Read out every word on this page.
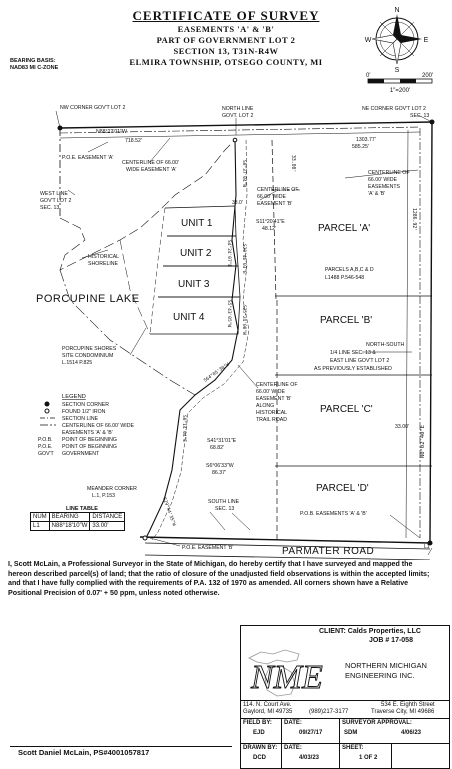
CERTIFICATE OF SURVEY
EASEMENTS 'A' & 'B'
PART OF GOVERNMENT LOT 2
SECTION 13, T31N-R4W
ELMIRA TOWNSHIP, OTSEGO COUNTY, MI
BEARING BASIS:
NAD83 MI C-ZONE
N
S
W	E
0'	200'
1"=200'
NW CORNER GOV'T LOT 2	NE CORNER GOV'T LOT 2
SEC. 13
NORTH LINE
GOVT. LOT 2
N88°22'01"W
718.52'	1303.77'
585.25'
33.00'
P.O.E. EASEMENT 'A'
CENTERLINE OF 66.00'
WIDE EASEMENT 'A'
WEST LINE
GOV'T LOT 2
SEC. 13
CENTERLINE OF
66.00' WIDE
EASEMENT 'B'
CENTERLINE OF
66.00' WIDE
EASEMENTS
'A' & 'B'
HISTORICAL
SHORELINE
PORCUPINE LAKE
UNIT 1
UNIT 2
UNIT 3
UNIT 4
S11°20'41"E
48.12'
33.0'
PARCEL 'A'
PARCEL 'B'
PARCEL 'C'
PARCEL 'D'
PARCELS A,B,C & D
L1488 P.546-548
NORTH-SOUTH
1/4 LINE SEC. 13 &
EAST LINE GOV'T LOT 2
AS PREVIOUSLY ESTABLISHED
1286.92'
33.00'
PORCUPINE SHORES
SITE CONDOMINIUM
L.1514 P.825
CENTERLINE OF
66.00' WIDE
EASEMENT 'B'
ALONG
HISTORICAL
TRAIL ROAD
S41°31'01"E
68.82'
S6°06'33"W
86.37'
MEANDER CORNER
L.1, P.153
SOUTH LINE
SEC. 13
P.O.B. EASEMENTS 'A' & 'B'
P.O.E. EASEMENT 'B'	PARMATER ROAD
N0°02'40"E
L1
S0°37'04"W
S4°24'07"E S20°46'03"E
S5°43'05"W S25°24'00"W
S0°14'04"E
S29°44'35"W
S64°05'30"W
LEGEND
SECTION CORNER
FOUND 1/2" IRON
SECTION LINE
CENTERLINE OF 66.00' WIDE
EASEMENTS 'A' & 'B'
P.O.B. POINT OF BEGINNING
P.O.E. POINT OF BEGINNING
GOV'T GOVERNMENT
LINE TABLE
NUM	BEARING	DISTANCE
L1	N88°18'10"W	33.00'
I, Scott McLain, a Professional Surveyor in the State of Michigan, do hereby certify that I have surveyed and mapped the hereon described parcel(s) of land; that the ratio of closure of the unadjusted field observations is within the accepted limits; and that I have fully complied with the requirements of P.A. 132 of 1970 as amended. All corners shown have a Relative Positional Precision of 0.07' + 50 ppm, unless noted otherwise.
Scott Daniel McLain, PS#4001057817
CLIENT: Calds Properties, LLC
JOB # 17-058
NME	NORTHERN MICHIGAN
ENGINEERING INC.
114. N. Court Ave.
Gaylord, MI 49735	(989)217-3177
534 E. Eighth Street
Traverse City, MI 49686
FIELD BY:
EJD
DATE:
09/27/17
SURVEYOR APPROVAL:
SDM	4/06/23
DRAWN BY:
DCD
DATE:
4/03/23
SHEET:
1 OF 2
